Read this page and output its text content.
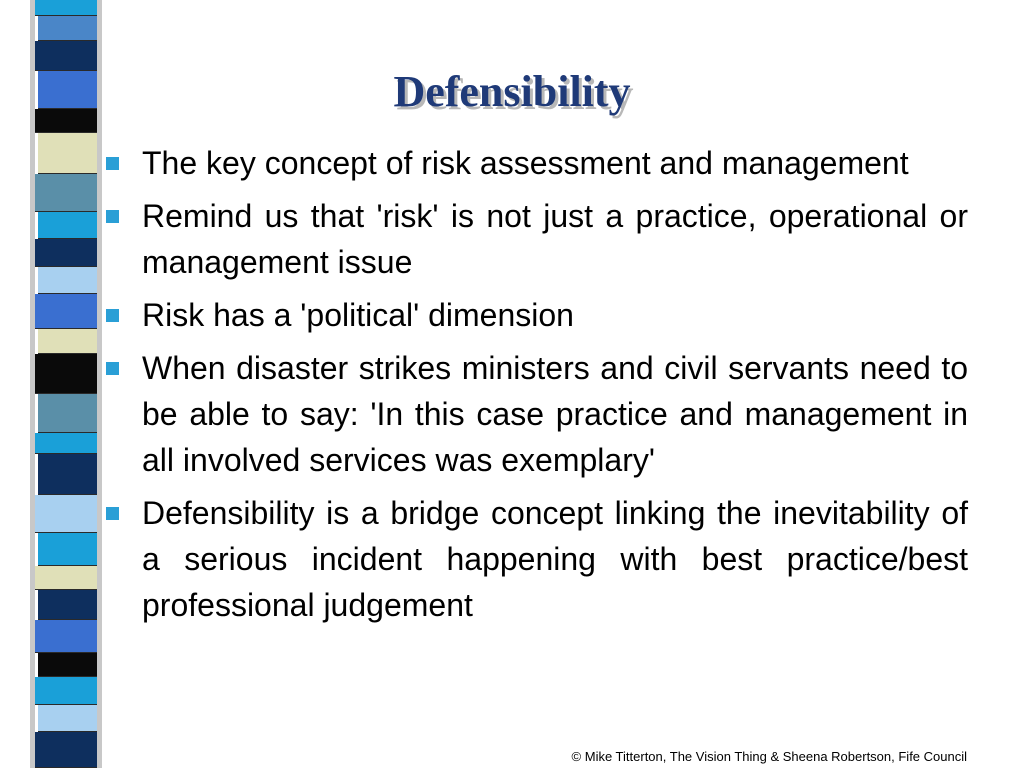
Defensibility
The key concept of risk assessment and management
Remind us that 'risk' is not just a practice, operational or management issue
Risk has a 'political' dimension
When disaster strikes ministers and civil servants need to be able to say: 'In this case practice and management in all involved services was exemplary'
Defensibility is a bridge concept linking the inevitability of a serious incident happening with best practice/best professional judgement
© Mike Titterton, The Vision Thing & Sheena Robertson, Fife Council
